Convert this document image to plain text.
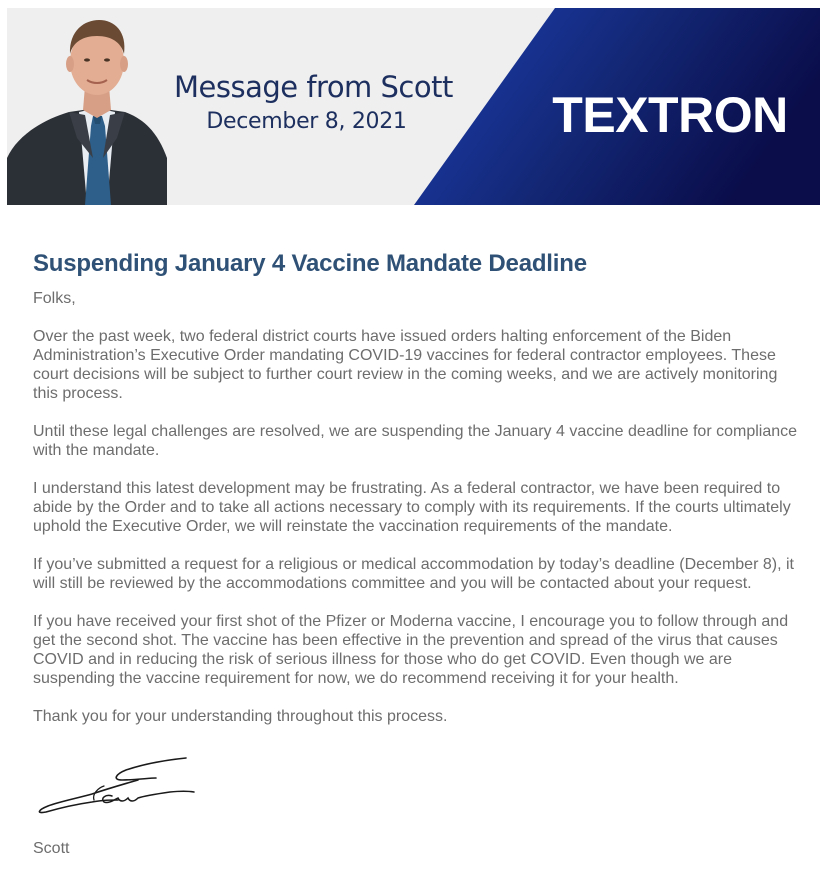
Message from Scott
December 8, 2021	TEXTRON
Suspending January 4 Vaccine Mandate Deadline

Folks,

Over the past week, two federal district courts have issued orders halting enforcement of the Biden Administration’s Executive Order mandating COVID-19 vaccines for federal contractor employees. These court decisions will be subject to further court review in the coming weeks, and we are actively monitoring this process.

Until these legal challenges are resolved, we are suspending the January 4 vaccine deadline for compliance with the mandate.

I understand this latest development may be frustrating. As a federal contractor, we have been required to abide by the Order and to take all actions necessary to comply with its requirements. If the courts ultimately uphold the Executive Order, we will reinstate the vaccination requirements of the mandate.

If you’ve submitted a request for a religious or medical accommodation by today’s deadline (December 8), it will still be reviewed by the accommodations committee and you will be contacted about your request.

If you have received your first shot of the Pfizer or Moderna vaccine, I encourage you to follow through and get the second shot. The vaccine has been effective in the prevention and spread of the virus that causes COVID and in reducing the risk of serious illness for those who do get COVID. Even though we are suspending the vaccine requirement for now, we do recommend receiving it for your health.

Thank you for your understanding throughout this process.

Scott
